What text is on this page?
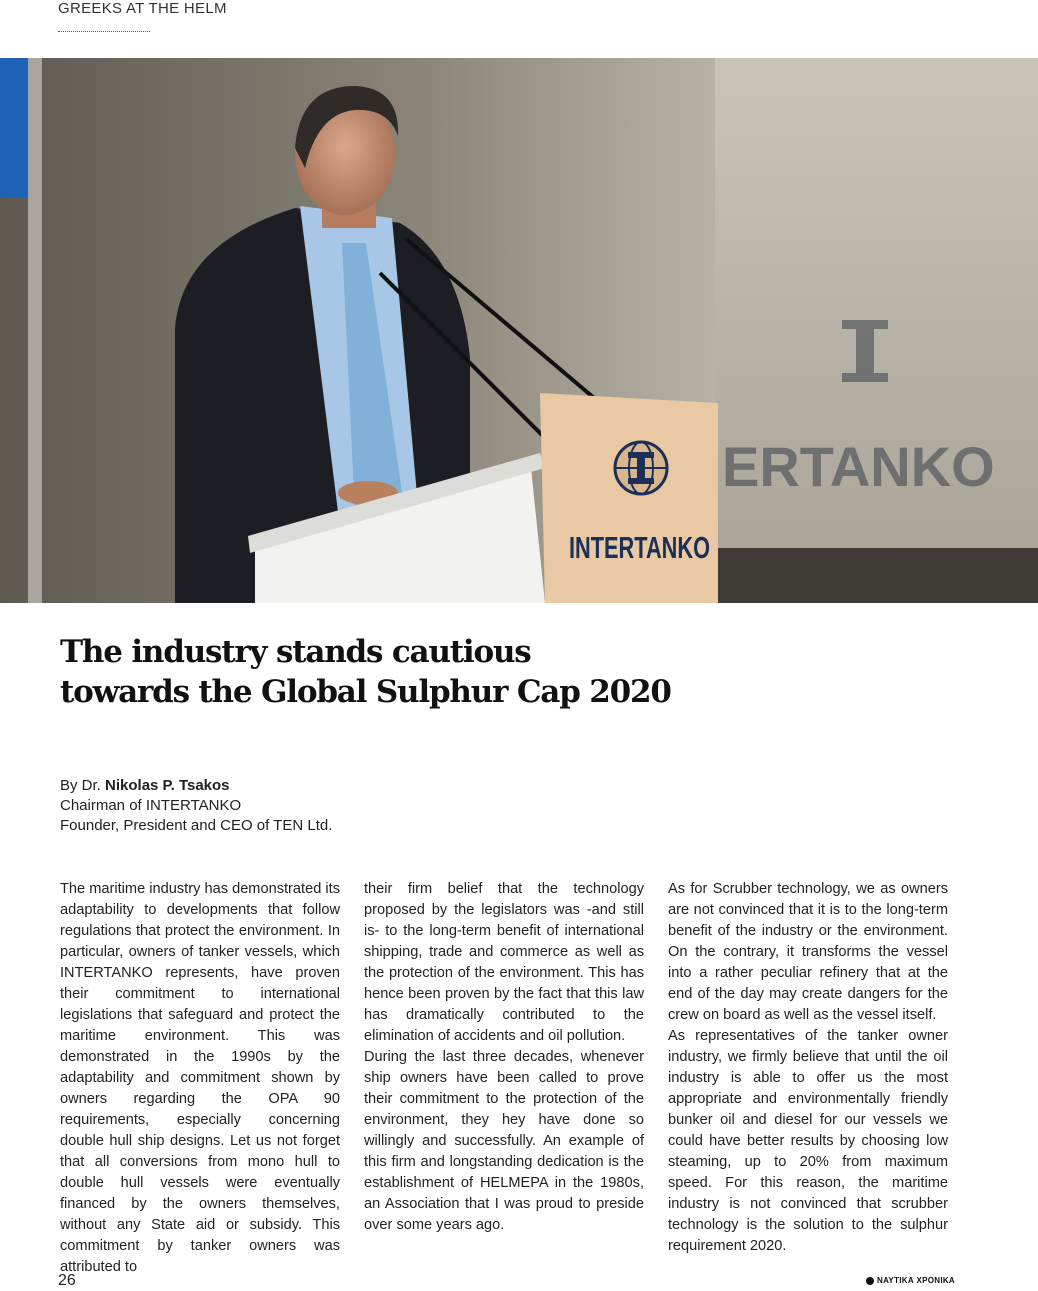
GREEKS AT THE HELM
ERTANKO
INTERTANKO
The industry stands cautious
towards the Global Sulphur Cap 2020
By Dr. Nikolas P. Tsakos
Chairman of INTERTANKO
Founder, President and CEO of TEN Ltd.

The maritime industry has demonstrated its adaptability to developments that follow regulations that protect the environment. In particular, owners of tanker vessels, which INTERTANKO represents, have proven their commitment to international legislations that safeguard and protect the maritime environment. This was demonstrated in the 1990s by the adaptability and commitment shown by owners regarding the OPA 90 requirements, especially concerning double hull ship designs. Let us not forget that all conversions from mono hull to double hull vessels were eventually financed by the owners themselves, without any State aid or subsidy. This commitment by tanker owners was attributed to

their firm belief that the technology proposed by the legislators was -and still is- to the long-term benefit of international shipping, trade and commerce as well as the protection of the environment. This has hence been proven by the fact that this law has dramatically contributed to the elimination of accidents and oil pollution.

During the last three decades, whenever ship owners have been called to prove their commitment to the protection of the environment, they hey have done so willingly and successfully. An example of this firm and longstanding dedication is the establishment of HELMEPA in the 1980s, an Association that I was proud to preside over some years ago.

As for Scrubber technology, we as owners are not convinced that it is to the long-term benefit of the industry or the environment. On the contrary, it transforms the vessel into a rather peculiar refinery that at the end of the day may create dangers for the crew on board as well as the vessel itself.

As representatives of the tanker owner industry, we firmly believe that until the oil industry is able to offer us the most appropriate and environmentally friendly bunker oil and diesel for our vessels we could have better results by choosing low steaming, up to 20% from maximum speed. For this reason, the maritime industry is not convinced that scrubber technology is the solution to the sulphur requirement 2020.

26	ΝΑΥΤΙΚΑ ΧΡΟΝΙΚΑ
